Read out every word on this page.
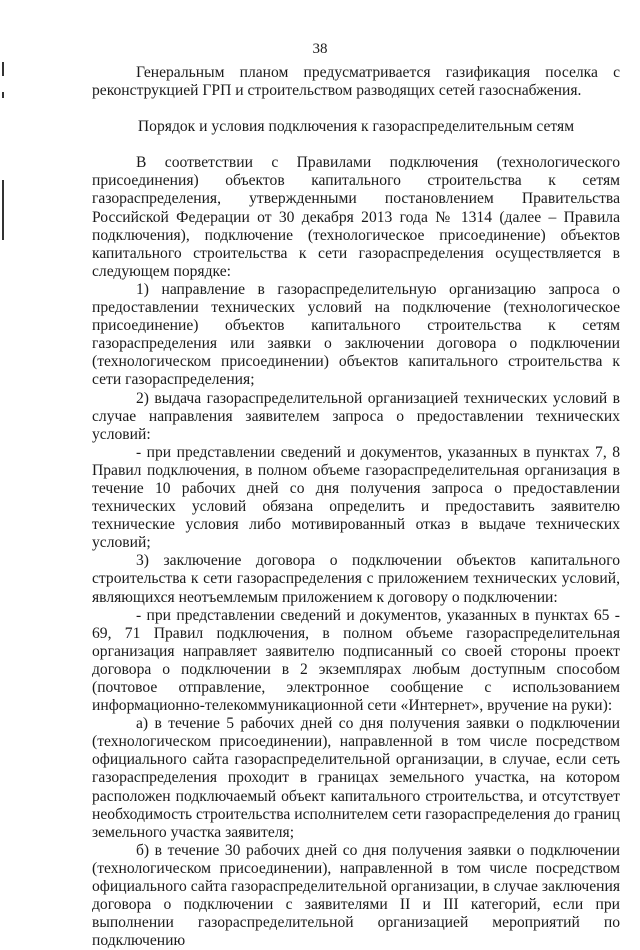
38

Генеральным планом предусматривается газификация поселка с реконструкцией ГРП и строительством разводящих сетей газоснабжения.

Порядок и условия подключения к газораспределительным сетям

В соответствии с Правилами подключения (технологического присоединения) объектов капитального строительства к сетям газораспределения, утвержденными постановлением Правительства Российской Федерации от 30 декабря 2013 года № 1314 (далее – Правила подключения), подключение (технологическое присоединение) объектов капитального строительства к сети газораспределения осуществляется в следующем порядке:

1) направление в газораспределительную организацию запроса о предоставлении технических условий на подключение (технологическое присоединение) объектов капитального строительства к сетям газораспределения или заявки о заключении договора о подключении (технологическом присоединении) объектов капитального строительства к сети газораспределения;

2) выдача газораспределительной организацией технических условий в случае направления заявителем запроса о предоставлении технических условий:

- при представлении сведений и документов, указанных в пунктах 7, 8 Правил подключения, в полном объеме газораспределительная организация в течение 10 рабочих дней со дня получения запроса о предоставлении технических условий обязана определить и предоставить заявителю технические условия либо мотивированный отказ в выдаче технических условий;

3) заключение договора о подключении объектов капитального строительства к сети газораспределения с приложением технических условий, являющихся неотъемлемым приложением к договору о подключении:

- при представлении сведений и документов, указанных в пунктах 65 - 69, 71 Правил подключения, в полном объеме газораспределительная организация направляет заявителю подписанный со своей стороны проект договора о подключении в 2 экземплярах любым доступным способом (почтовое отправление, электронное сообщение с использованием информационно-телекоммуникационной сети «Интернет», вручение на руки):

а) в течение 5 рабочих дней со дня получения заявки о подключении (технологическом присоединении), направленной в том числе посредством официального сайта газораспределительной организации, в случае, если сеть газораспределения проходит в границах земельного участка, на котором расположен подключаемый объект капитального строительства, и отсутствует необходимость строительства исполнителем сети газораспределения до границ земельного участка заявителя;

б) в течение 30 рабочих дней со дня получения заявки о подключении (технологическом присоединении), направленной в том числе посредством официального сайта газораспределительной организации, в случае заключения договора о подключении с заявителями II и III категорий, если при выполнении газораспределительной организацией мероприятий по подключению
